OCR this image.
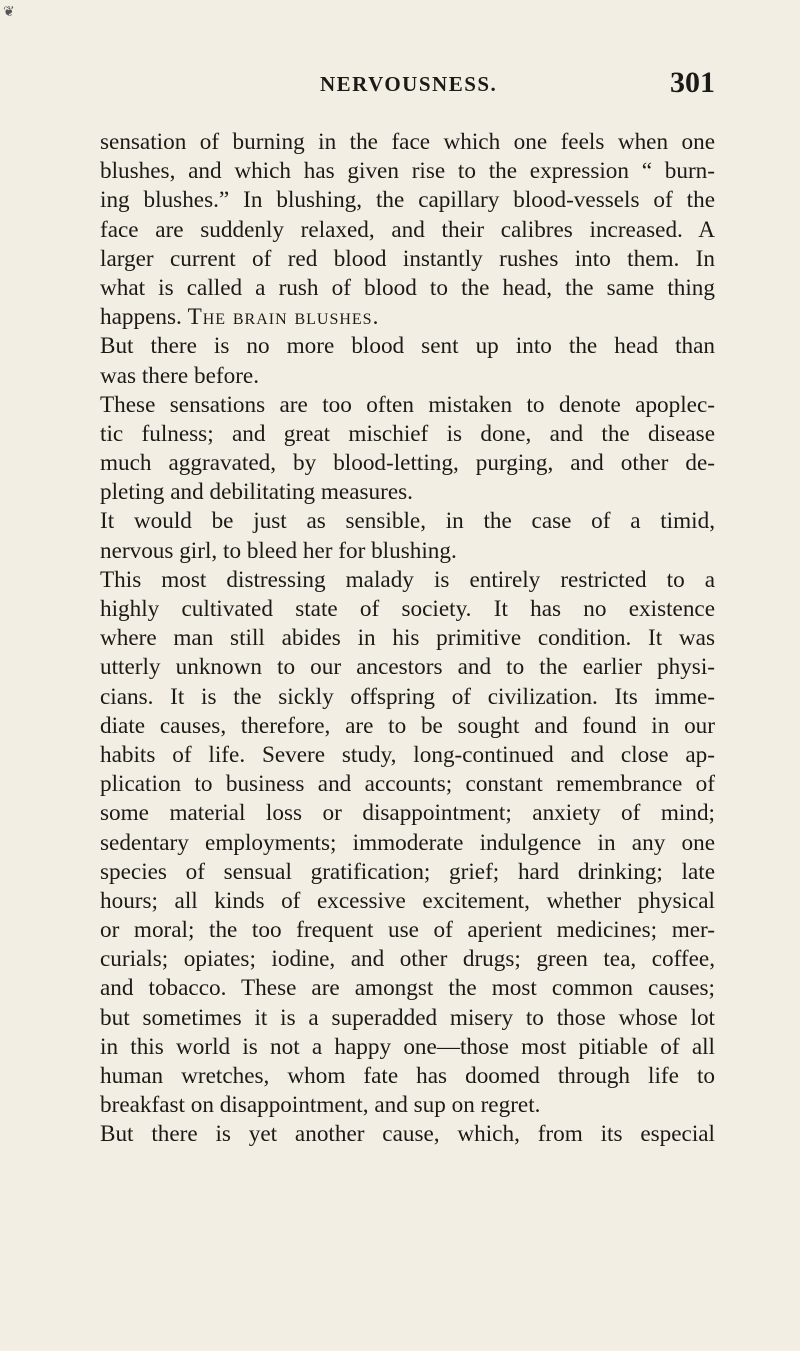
❦
NERVOUSNESS.	301
sensation of burning in the face which one feels when one
blushes, and which has given rise to the expression “ burn-
ing blushes.” In blushing, the capillary blood-vessels of the
face are suddenly relaxed, and their calibres increased. A
larger current of red blood instantly rushes into them. In
what is called a rush of blood to the head, the same thing
happens. The brain blushes.
But there is no more blood sent up into the head than
was there before.
These sensations are too often mistaken to denote apoplec-
tic fulness; and great mischief is done, and the disease
much aggravated, by blood-letting, purging, and other de-
pleting and debilitating measures.
It would be just as sensible, in the case of a timid,
nervous girl, to bleed her for blushing.
This most distressing malady is entirely restricted to a
highly cultivated state of society. It has no existence
where man still abides in his primitive condition. It was
utterly unknown to our ancestors and to the earlier physi-
cians. It is the sickly offspring of civilization. Its imme-
diate causes, therefore, are to be sought and found in our
habits of life. Severe study, long-continued and close ap-
plication to business and accounts; constant remembrance of
some material loss or disappointment; anxiety of mind;
sedentary employments; immoderate indulgence in any one
species of sensual gratification; grief; hard drinking; late
hours; all kinds of excessive excitement, whether physical
or moral; the too frequent use of aperient medicines; mer-
curials; opiates; iodine, and other drugs; green tea, coffee,
and tobacco. These are amongst the most common causes;
but sometimes it is a superadded misery to those whose lot
in this world is not a happy one—those most pitiable of all
human wretches, whom fate has doomed through life to
breakfast on disappointment, and sup on regret.
But there is yet another cause, which, from its especial
